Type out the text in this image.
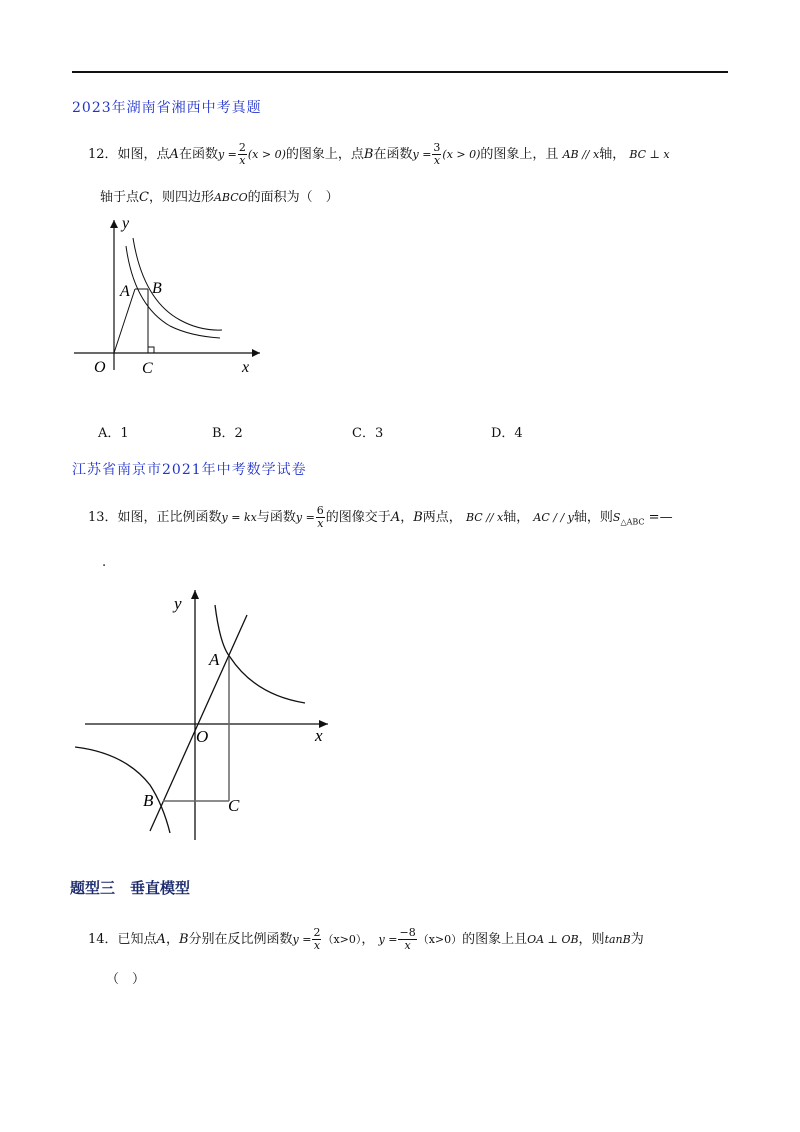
2023年湖南省湘西中考真题
12．如图，点A在函数$y = \frac{2}{x} (x > 0)$的图象上，点B在函数$y = \frac{3}{x} (x > 0)$的图象上，且 AB // x轴， BC ⊥ x
轴于点C，则四边形ABCO的面积为（　）
y
x
O
A B
C
A．1	B．2	C．3	D．4
江苏省南京市2021年中考数学试卷
13．如图，正比例函数y = kx与函数$y = \frac{6}{x}$ 的图像交于A，B两点， BC // x轴， AC / / y轴，则$S_{\triangle ABC}$ =—
.
y
x
O
A
B	C
题型三　垂直模型
14．已知点A，B分别在反比例函数$y = \frac{2}{x} (x>0)$， $y = \frac{-8}{x} (x>0)$的图象上且OA ⊥ OB，则tanB为
（　）
